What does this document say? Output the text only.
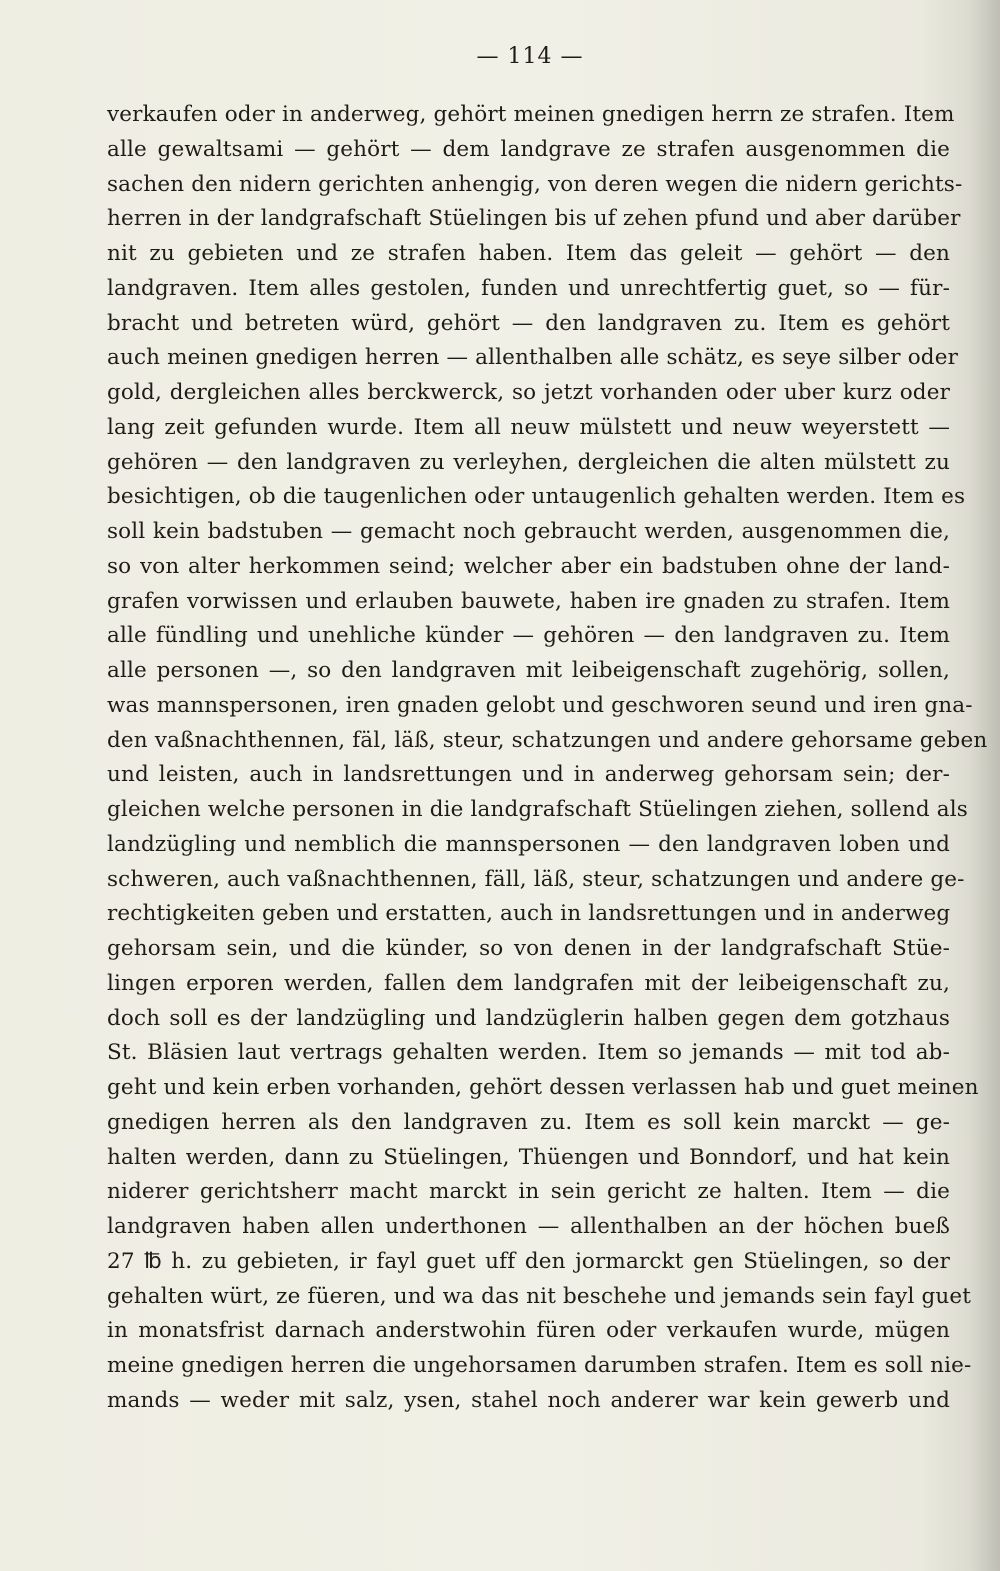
— 114 —
verkaufen oder in anderweg, gehört meinen gnedigen herrn ze strafen. Item
alle gewaltsami — gehört — dem landgrave ze strafen ausgenommen die
sachen den nidern gerichten anhengig, von deren wegen die nidern gerichts-
herren in der landgrafschaft Stüelingen bis uf zehen pfund und aber darüber
nit zu gebieten und ze strafen haben. Item das geleit — gehört — den
landgraven. Item alles gestolen, funden und unrechtfertig guet, so — für-
bracht und betreten würd, gehört — den landgraven zu. Item es gehört
auch meinen gnedigen herren — allenthalben alle schätz, es seye silber oder
gold, dergleichen alles berckwerck, so jetzt vorhanden oder uber kurz oder
lang zeit gefunden wurde. Item all neuw mülstett und neuw weyerstett —
gehören — den landgraven zu verleyhen, dergleichen die alten mülstett zu
besichtigen, ob die taugenlichen oder untaugenlich gehalten werden. Item es
soll kein badstuben — gemacht noch gebraucht werden, ausgenommen die,
so von alter herkommen seind; welcher aber ein badstuben ohne der land-
grafen vorwissen und erlauben bauwete, haben ire gnaden zu strafen. Item
alle fündling und unehliche künder — gehören — den landgraven zu. Item
alle personen —, so den landgraven mit leibeigenschaft zugehörig, sollen,
was mannspersonen, iren gnaden gelobt und geschworen seund und iren gna-
den vaßnachthennen, fäl, läß, steur, schatzungen und andere gehorsame geben
und leisten, auch in landsrettungen und in anderweg gehorsam sein; der-
gleichen welche personen in die landgrafschaft Stüelingen ziehen, sollend als
landzügling und nemblich die mannspersonen — den landgraven loben und
schweren, auch vaßnachthennen, fäll, läß, steur, schatzungen und andere ge-
rechtigkeiten geben und erstatten, auch in landsrettungen und in anderweg
gehorsam sein, und die künder, so von denen in der landgrafschaft Stüe-
lingen erporen werden, fallen dem landgrafen mit der leibeigenschaft zu,
doch soll es der landzügling und landzüglerin halben gegen dem gotzhaus
St. Bläsien laut vertrags gehalten werden. Item so jemands — mit tod ab-
geht und kein erben vorhanden, gehört dessen verlassen hab und guet meinen
gnedigen herren als den landgraven zu. Item es soll kein marckt — ge-
halten werden, dann zu Stüelingen, Thüengen und Bonndorf, und hat kein
niderer gerichtsherr macht marckt in sein gericht ze halten. Item — die
landgraven haben allen underthonen — allenthalben an der höchen bueß
27 ℔ h. zu gebieten, ir fayl guet uff den jormarckt gen Stüelingen, so der
gehalten würt, ze füeren, und wa das nit beschehe und jemands sein fayl guet
in monatsfrist darnach anderstwohin füren oder verkaufen wurde, mügen
meine gnedigen herren die ungehorsamen darumben strafen. Item es soll nie-
mands — weder mit salz, ysen, stahel noch anderer war kein gewerb und
